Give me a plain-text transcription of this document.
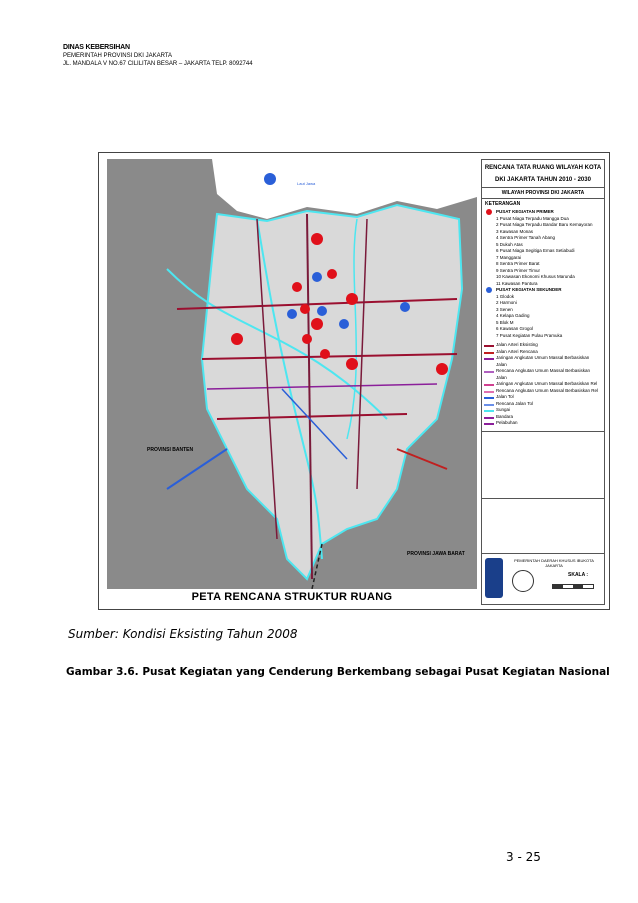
DINAS KEBERSIHAN
PEMERINTAH PROVINSI DKI JAKARTA
JL. MANDALA V NO.67 CILILITAN BESAR – JAKARTA TELP. 8092744
PROVINSI BANTEN
PROVINSI JAWA BARAT
Laut Jawa
RENCANA TATA RUANG WILAYAH KOTA
DKI JAKARTA TAHUN 2010 - 2030
WILAYAH PROVINSI DKI JAKARTA
KETERANGAN
PUSAT KEGIATAN PRIMER
1 Pusat Niaga Terpadu Mangga Dua
2 Pusat Niaga Terpadu Bandar Baru Kemayoran
3 Kawasan Monas
4 Sentra Primer Tanah Abang
5 Dukuh Atas
6 Pusat Niaga Segitiga Emas Setiabudi
7 Manggarai
8 Sentra Primer Barat
9 Sentra Primer Timur
10 Kawasan Ekonomi Khusus Marunda
11 Kawasan Pantura
PUSAT KEGIATAN SEKUNDER
1 Glodok
2 Harmoni
3 Senen
4 Kelapa Gading
5 Blok M
6 Kawasan Grogol
7 Pusat Kegiatan Pulau Pramuka
Jalan Arteri Eksisting
Jalan Arteri Rencana
Jaringan Angkutan Umum Massal Berbasiskan Jalan
Rencana Angkutan Umum Massal Berbasiskan Jalan
Jaringan Angkutan Umum Massal Berbasiskan Rel
Rencana Angkutan Umum Massal Berbasiskan Rel
Jalan Tol
Rencana Jalan Tol
Sungai
Bandara
Pelabuhan
PEMERINTAH DAERAH KHUSUS IBUKOTA JAKARTA
SKALA :
PETA RENCANA STRUKTUR RUANG
Sumber: Kondisi Eksisting Tahun 2008
Gambar 3.6. Pusat Kegiatan yang Cenderung Berkembang sebagai Pusat Kegiatan Nasional
3 - 25
